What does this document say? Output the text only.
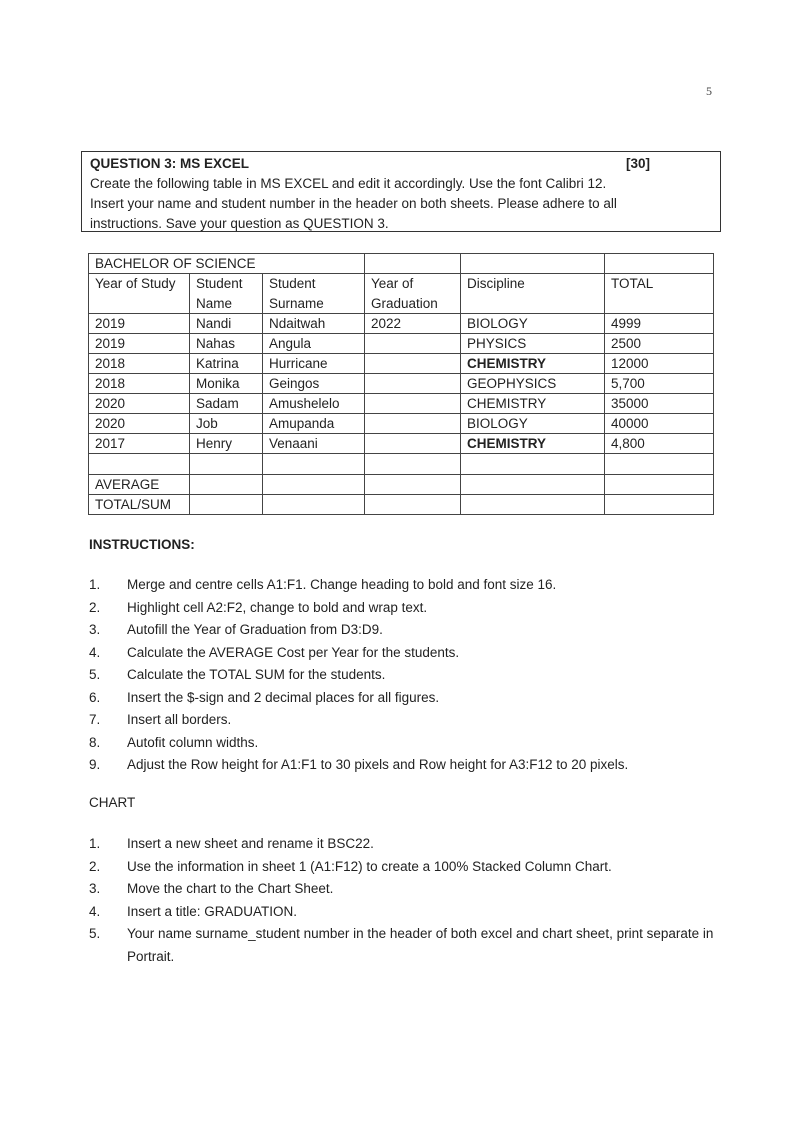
5
QUESTION 3: MS EXCEL	[30]
Create the following table in MS EXCEL and edit it accordingly. Use the font Calibri 12.
Insert your name and student number in the header on both sheets. Please adhere to all
instructions. Save your question as QUESTION 3.
BACHELOR OF SCIENCE					
Year of Study	Student Name	Student Surname	Year of Graduation	Discipline	TOTAL
2019	Nandi	Ndaitwah	2022	BIOLOGY	4999
2019	Nahas	Angula		PHYSICS	2500
2018	Katrina	Hurricane		CHEMISTRY	12000
2018	Monika	Geingos		GEOPHYSICS	5,700
2020	Sadam	Amushelelo		CHEMISTRY	35000
2020	Job	Amupanda		BIOLOGY	40000
2017	Henry	Venaani		CHEMISTRY	4,800

AVERAGE					
TOTAL/SUM					
INSTRUCTIONS:
1.	Merge and centre cells A1:F1. Change heading to bold and font size 16.
2.	Highlight cell A2:F2, change to bold and wrap text.
3.	Autofill the Year of Graduation from D3:D9.
4.	Calculate the AVERAGE Cost per Year for the students.
5.	Calculate the TOTAL SUM for the students.
6.	Insert the $-sign and 2 decimal places for all figures.
7.	Insert all borders.
8.	Autofit column widths.
9.	Adjust the Row height for A1:F1 to 30 pixels and Row height for A3:F12 to 20 pixels.
CHART
1.	Insert a new sheet and rename it BSC22.
2.	Use the information in sheet 1 (A1:F12) to create a 100% Stacked Column Chart.
3.	Move the chart to the Chart Sheet.
4.	Insert a title: GRADUATION.
5.	Your name surname_student number in the header of both excel and chart sheet, print separate in Portrait.
